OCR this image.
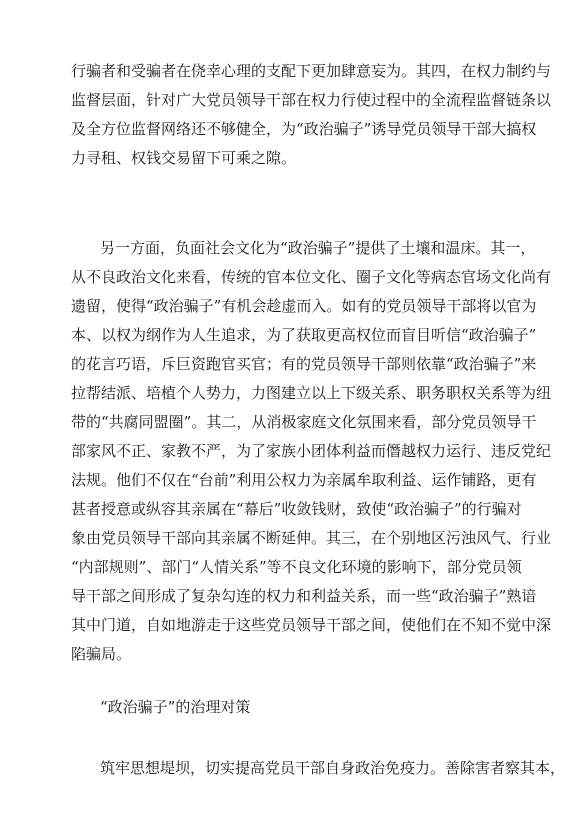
行骗者和受骗者在侥幸心理的支配下更加肆意妄为。其四，在权力制约与
监督层面，针对广大党员领导干部在权力行使过程中的全流程监督链条以
及全方位监督网络还不够健全，为“政治骗子”诱导党员领导干部大搞权
力寻租、权钱交易留下可乘之隙。
另一方面，负面社会文化为“政治骗子”提供了土壤和温床。其一，
从不良政治文化来看，传统的官本位文化、圈子文化等病态官场文化尚有
遗留，使得“政治骗子”有机会趁虚而入。如有的党员领导干部将以官为
本、以权为纲作为人生追求，为了获取更高权位而盲目听信“政治骗子”
的花言巧语，斥巨资跑官买官；有的党员领导干部则依靠“政治骗子”来
拉帮结派、培植个人势力，力图建立以上下级关系、职务职权关系等为纽
带的“共腐同盟圈”。其二，从消极家庭文化氛围来看，部分党员领导干
部家风不正、家教不严，为了家族小团体利益而僭越权力运行、违反党纪
法规。他们不仅在“台前”利用公权力为亲属牟取利益、运作铺路，更有
甚者授意或纵容其亲属在“幕后”收敛钱财，致使“政治骗子”的行骗对
象由党员领导干部向其亲属不断延伸。其三，在个别地区污浊风气、行业
“内部规则”、部门“人情关系”等不良文化环境的影响下，部分党员领
导干部之间形成了复杂勾连的权力和利益关系，而一些“政治骗子”熟谙
其中门道，自如地游走于这些党员领导干部之间，使他们在不知不觉中深
陷骗局。
“政治骗子”的治理对策
筑牢思想堤坝，切实提高党员干部自身政治免疫力。善除害者察其本，
